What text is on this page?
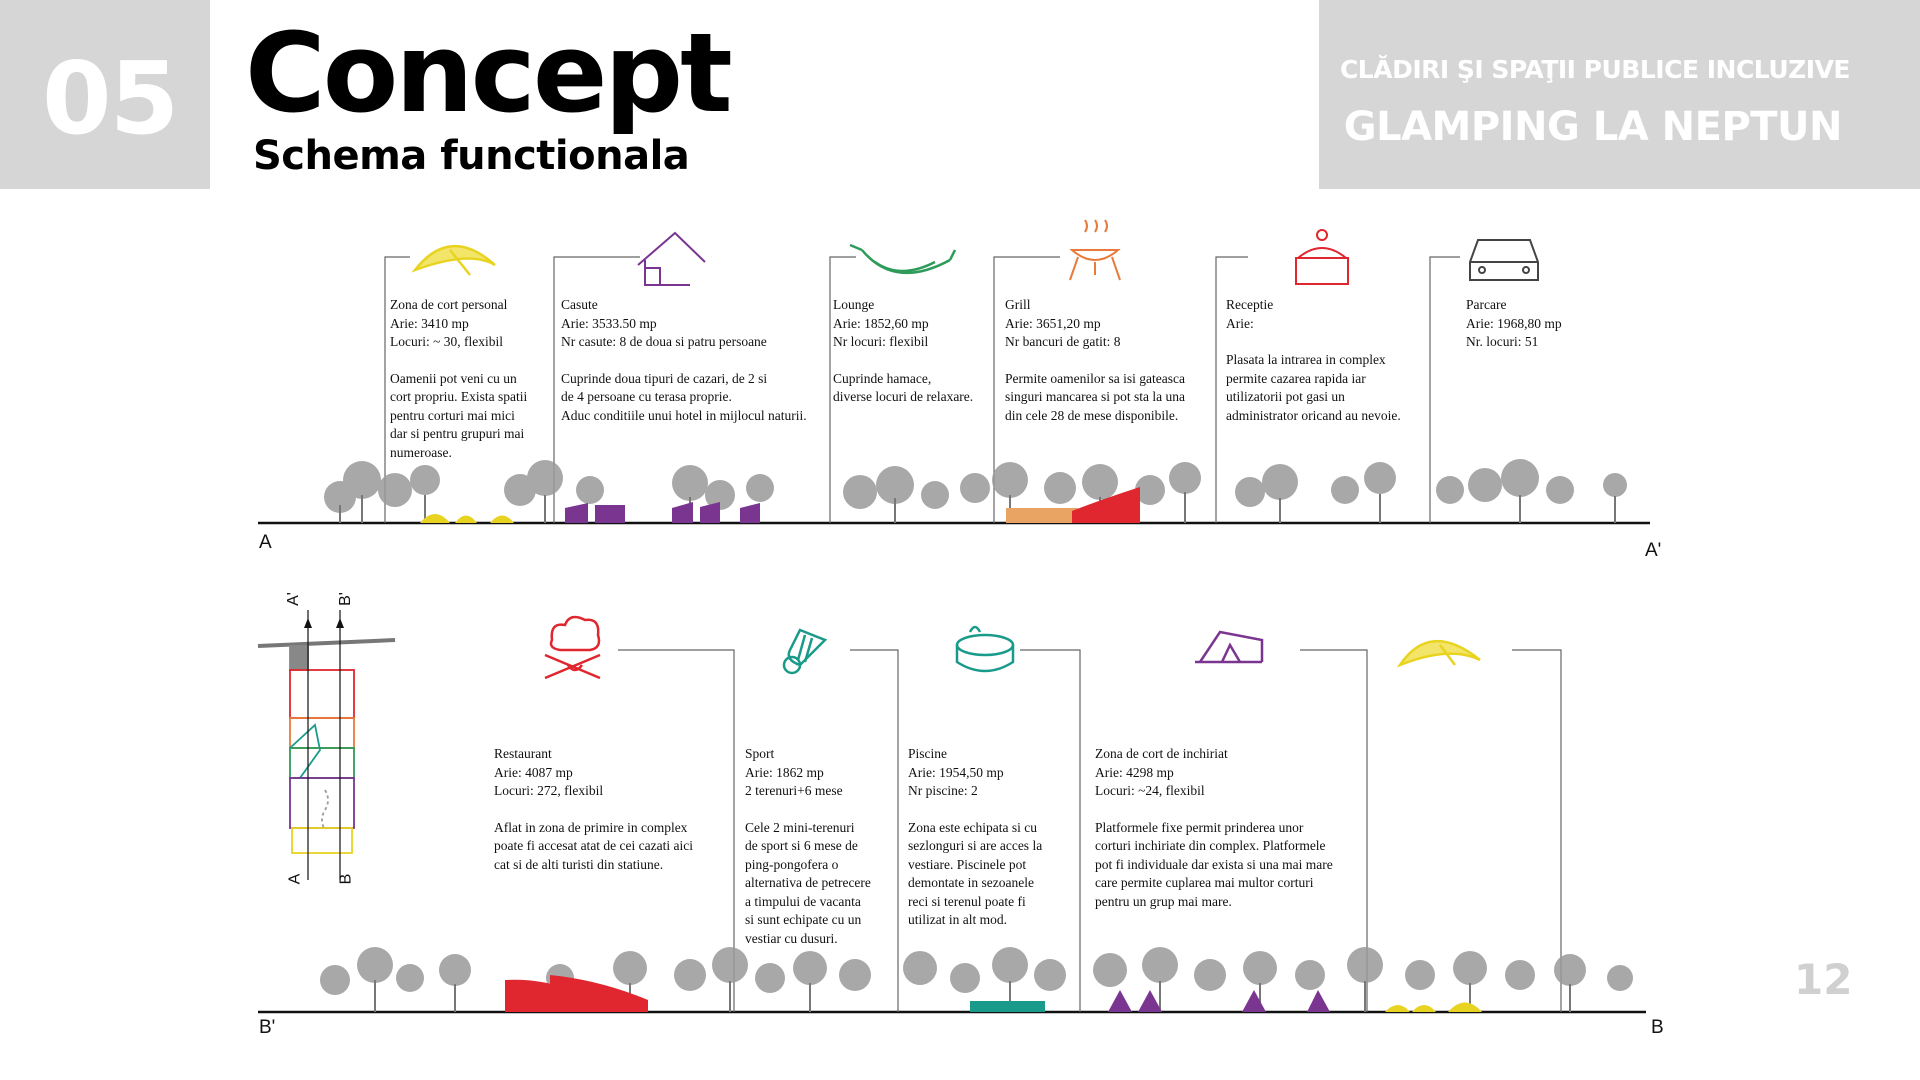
05 Concept
Schema functionala
CLĂDIRI ŞI SPAŢII PUBLICE INCLUZIVE
GLAMPING LA NEPTUN
12
A	A'
B'	B
A' B'
A B
Zona de cort personal
Arie: 3410 mp
Locuri: ~ 30, flexibil
Oamenii pot veni cu un
cort propriu. Exista spatii
pentru corturi mai mici
dar si pentru grupuri mai
numeroase.
Casute
Arie: 3533.50 mp
Nr casute: 8 de doua si patru persoane
Cuprinde doua tipuri de cazari, de 2 si
de 4 persoane cu terasa proprie.
Aduc conditiile unui hotel in mijlocul naturii.
Lounge
Arie: 1852,60 mp
Nr locuri: flexibil
Cuprinde hamace,
diverse locuri de relaxare.
Grill
Arie: 3651,20 mp
Nr bancuri de gatit: 8
Permite oamenilor sa isi gateasca
singuri mancarea si pot sta la una
din cele 28 de mese disponibile.
Receptie
Arie:
Plasata la intrarea in complex
permite cazarea rapida iar
utilizatorii pot gasi un
administrator oricand au nevoie.
Parcare
Arie: 1968,80 mp
Nr. locuri: 51
Restaurant
Arie: 4087 mp
Locuri: 272, flexibil
Aflat in zona de primire in complex
poate fi accesat atat de cei cazati aici
cat si de alti turisti din statiune.
Sport
Arie: 1862 mp
2 terenuri+6 mese
Cele 2 mini-terenuri
de sport si 6 mese de
ping-pongofera o
alternativa de petrecere
a timpului de vacanta
si sunt echipate cu un
vestiar cu dusuri.
Piscine
Arie: 1954,50 mp
Nr piscine: 2
Zona este echipata si cu
sezlonguri si are acces la
vestiare. Piscinele pot
demontate in sezoanele
reci si terenul poate fi
utilizat in alt mod.
Zona de cort de inchiriat
Arie: 4298 mp
Locuri: ~24, flexibil
Platformele fixe permit prinderea unor
corturi inchiriate din complex. Platformele
pot fi individuale dar exista si una mai mare
care permite cuplarea mai multor corturi
pentru un grup mai mare.
